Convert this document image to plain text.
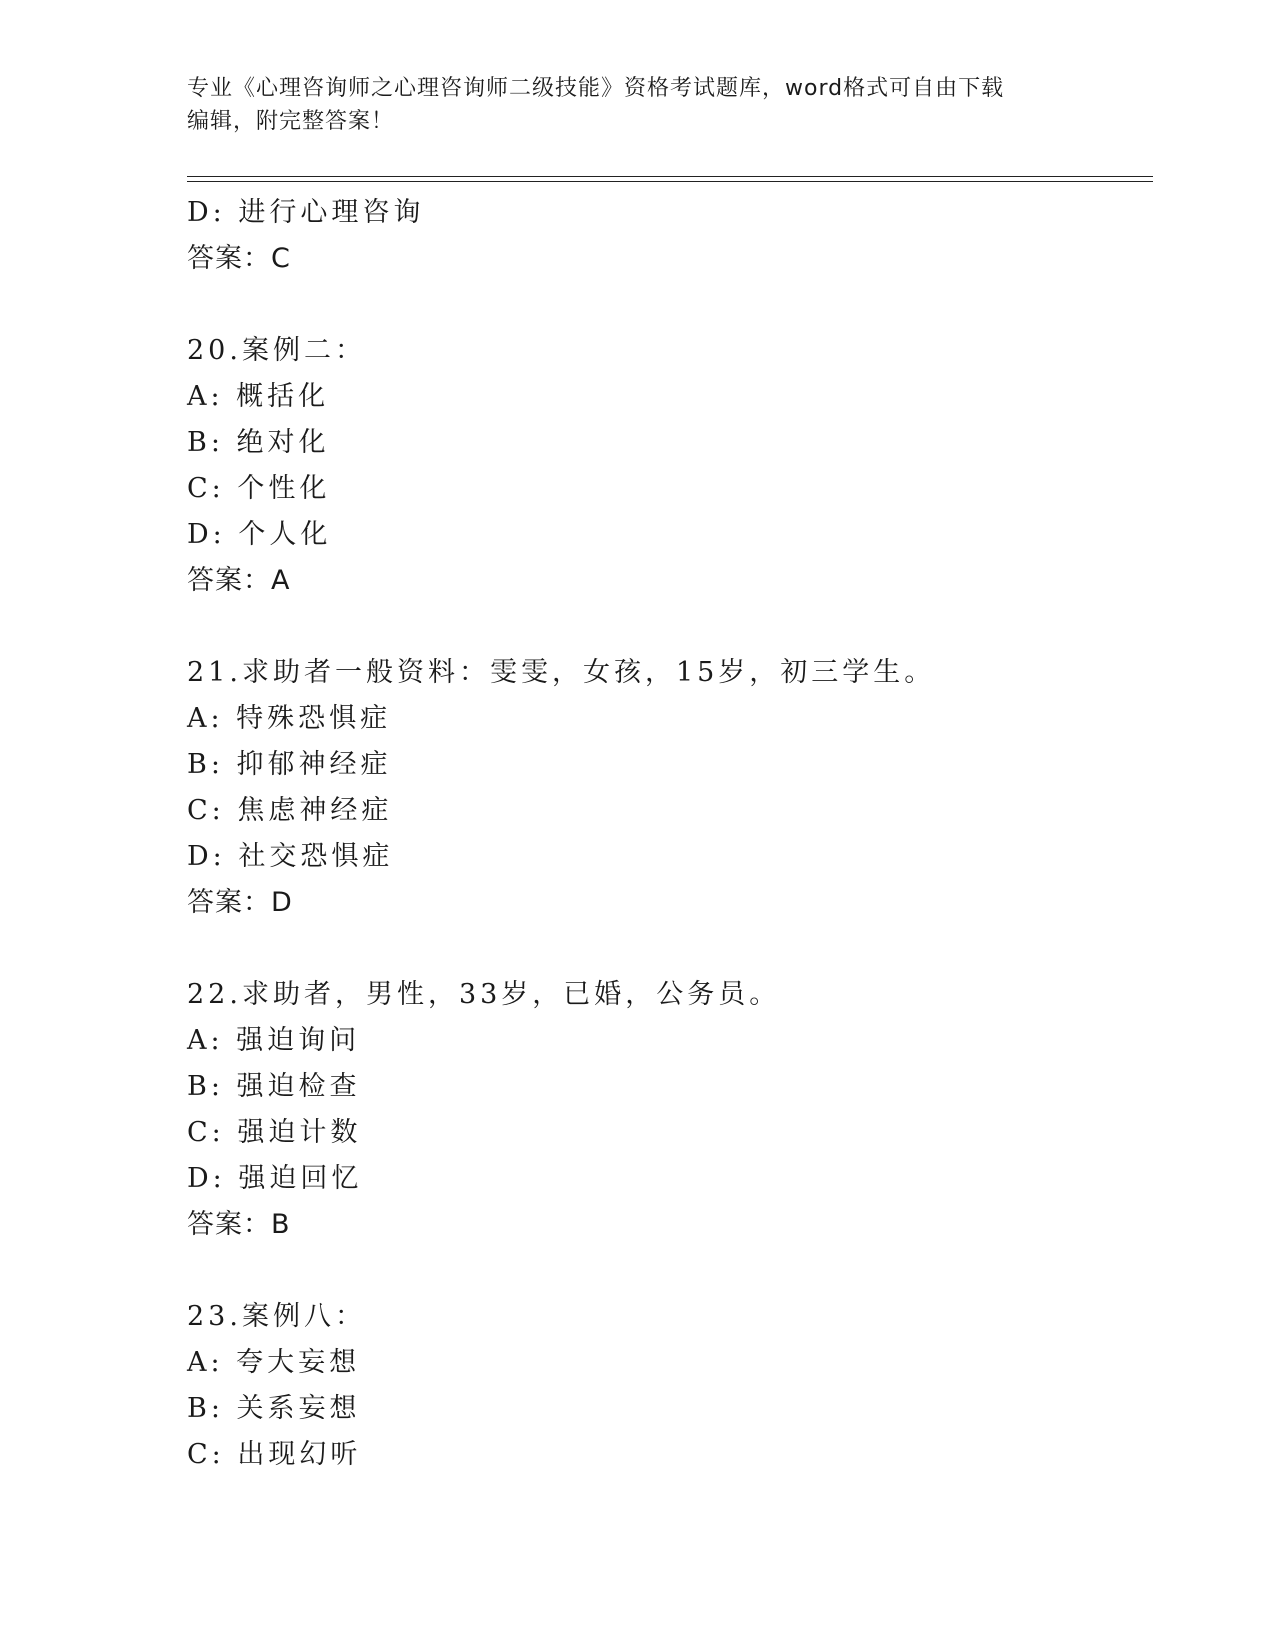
专业《心理咨询师之心理咨询师二级技能》资格考试题库，word格式可自由下载
编辑，附完整答案！
D: 进行心理咨询
答案：C
20.案例二：
A: 概括化
B: 绝对化
C: 个性化
D: 个人化
答案：A
21.求助者一般资料：雯雯，女孩，15岁，初三学生。
A: 特殊恐惧症
B: 抑郁神经症
C: 焦虑神经症
D: 社交恐惧症
答案：D
22.求助者，男性，33岁，已婚，公务员。
A: 强迫询问
B: 强迫检查
C: 强迫计数
D: 强迫回忆
答案：B
23.案例八：
A: 夸大妄想
B: 关系妄想
C: 出现幻听
